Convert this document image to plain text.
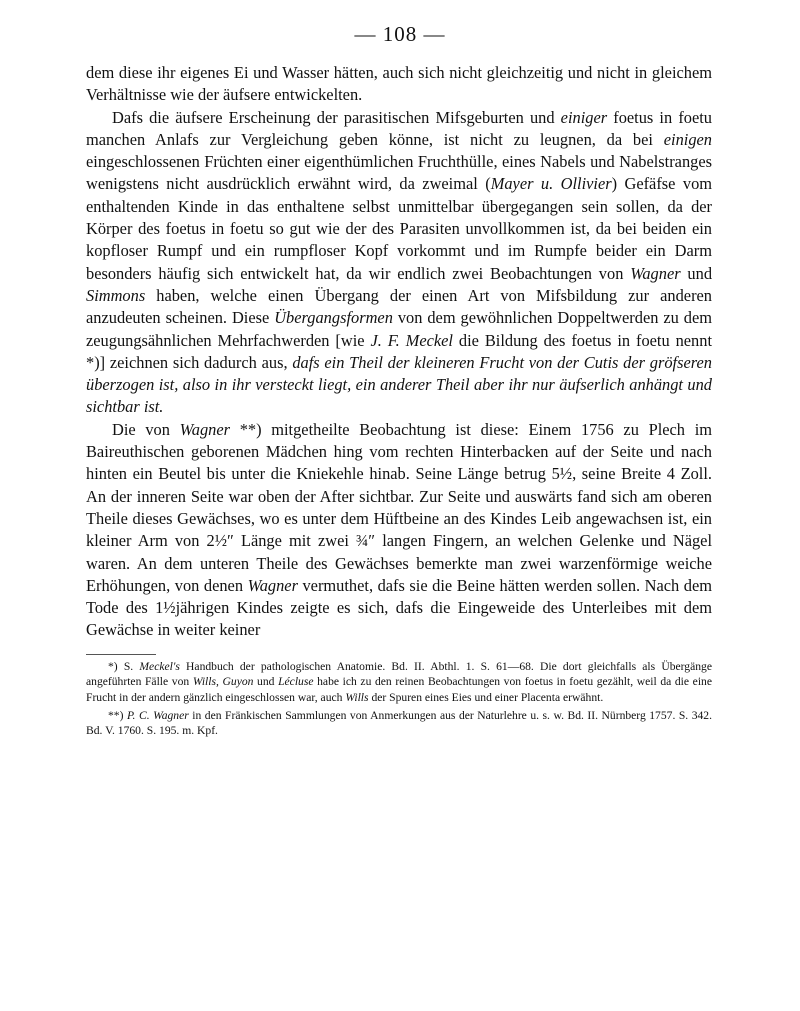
— 108 —

dem diese ihr eigenes Ei und Wasser hätten, auch sich nicht gleichzeitig und nicht in gleichem Verhältnisse wie der äufsere entwickelten.

Dafs die äufsere Erscheinung der parasitischen Mifsgeburten und einiger foetus in foetu manchen Anlafs zur Vergleichung geben könne, ist nicht zu leugnen, da bei einigen eingeschlossenen Früchten einer eigenthümlichen Fruchthülle, eines Nabels und Nabelstranges wenigstens nicht ausdrücklich erwähnt wird, da zweimal (Mayer u. Ollivier) Gefäfse vom enthaltenden Kinde in das enthaltene selbst unmittelbar übergegangen sein sollen, da der Körper des foetus in foetu so gut wie der des Parasiten unvollkommen ist, da bei beiden ein kopfloser Rumpf und ein rumpfloser Kopf vorkommt und im Rumpfe beider ein Darm besonders häufig sich entwickelt hat, da wir endlich zwei Beobachtungen von Wagner und Simmons haben, welche einen Übergang der einen Art von Mifsbildung zur anderen anzudeuten scheinen. Diese Übergangsformen von dem gewöhnlichen Doppeltwerden zu dem zeugungsähnlichen Mehrfachwerden [wie J. F. Meckel die Bildung des foetus in foetu nennt *)] zeichnen sich dadurch aus, dafs ein Theil der kleineren Frucht von der Cutis der gröfseren überzogen ist, also in ihr versteckt liegt, ein anderer Theil aber ihr nur äufserlich anhängt und sichtbar ist.

Die von Wagner **) mitgetheilte Beobachtung ist diese: Einem 1756 zu Plech im Baireuthischen geborenen Mädchen hing vom rechten Hinterbacken auf der Seite und nach hinten ein Beutel bis unter die Kniekehle hinab. Seine Länge betrug 5½, seine Breite 4 Zoll. An der inneren Seite war oben der After sichtbar. Zur Seite und auswärts fand sich am oberen Theile dieses Gewächses, wo es unter dem Hüftbeine an des Kindes Leib angewachsen ist, ein kleiner Arm von 2½″ Länge mit zwei ¾″ langen Fingern, an welchen Gelenke und Nägel waren. An dem unteren Theile des Gewächses bemerkte man zwei warzenförmige weiche Erhöhungen, von denen Wagner vermuthet, dafs sie die Beine hätten werden sollen. Nach dem Tode des 1½jährigen Kindes zeigte es sich, dafs die Eingeweide des Unterleibes mit dem Gewächse in weiter keiner

*) S. Meckel's Handbuch der pathologischen Anatomie. Bd. II. Abthl. 1. S. 61—68. Die dort gleichfalls als Übergänge angeführten Fälle von Wills, Guyon und Lécluse habe ich zu den reinen Beobachtungen von foetus in foetu gezählt, weil da die eine Frucht in der andern gänzlich eingeschlossen war, auch Wills der Spuren eines Eies und einer Placenta erwähnt.

**) P. C. Wagner in den Fränkischen Sammlungen von Anmerkungen aus der Naturlehre u. s. w. Bd. II. Nürnberg 1757. S. 342. Bd. V. 1760. S. 195. m. Kpf.
